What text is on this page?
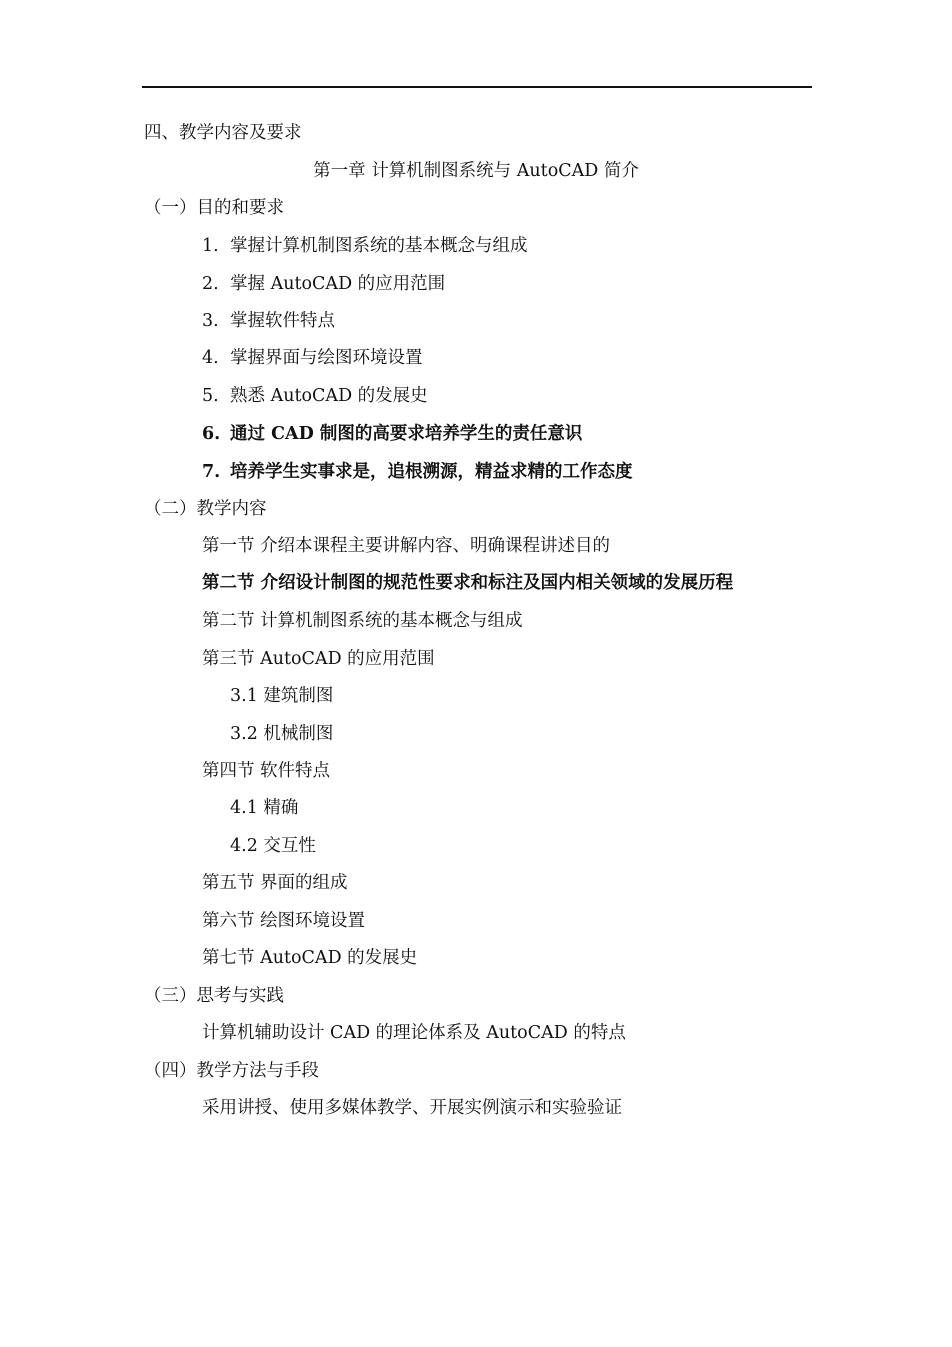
四、教学内容及要求

第一章 计算机制图系统与 AutoCAD 简介

（一）目的和要求

1. 掌握计算机制图系统的基本概念与组成

2. 掌握 AutoCAD 的应用范围

3. 掌握软件特点

4. 掌握界面与绘图环境设置

5. 熟悉 AutoCAD 的发展史

6. 通过 CAD 制图的高要求培养学生的责任意识

7. 培养学生实事求是，追根溯源，精益求精的工作态度

（二）教学内容

第一节 介绍本课程主要讲解内容、明确课程讲述目的

第二节 介绍设计制图的规范性要求和标注及国内相关领域的发展历程

第二节 计算机制图系统的基本概念与组成

第三节 AutoCAD 的应用范围

3.1 建筑制图

3.2 机械制图

第四节 软件特点

4.1 精确

4.2 交互性

第五节 界面的组成

第六节 绘图环境设置

第七节 AutoCAD 的发展史

（三）思考与实践

计算机辅助设计 CAD 的理论体系及 AutoCAD 的特点

（四）教学方法与手段

采用讲授、使用多媒体教学、开展实例演示和实验验证
